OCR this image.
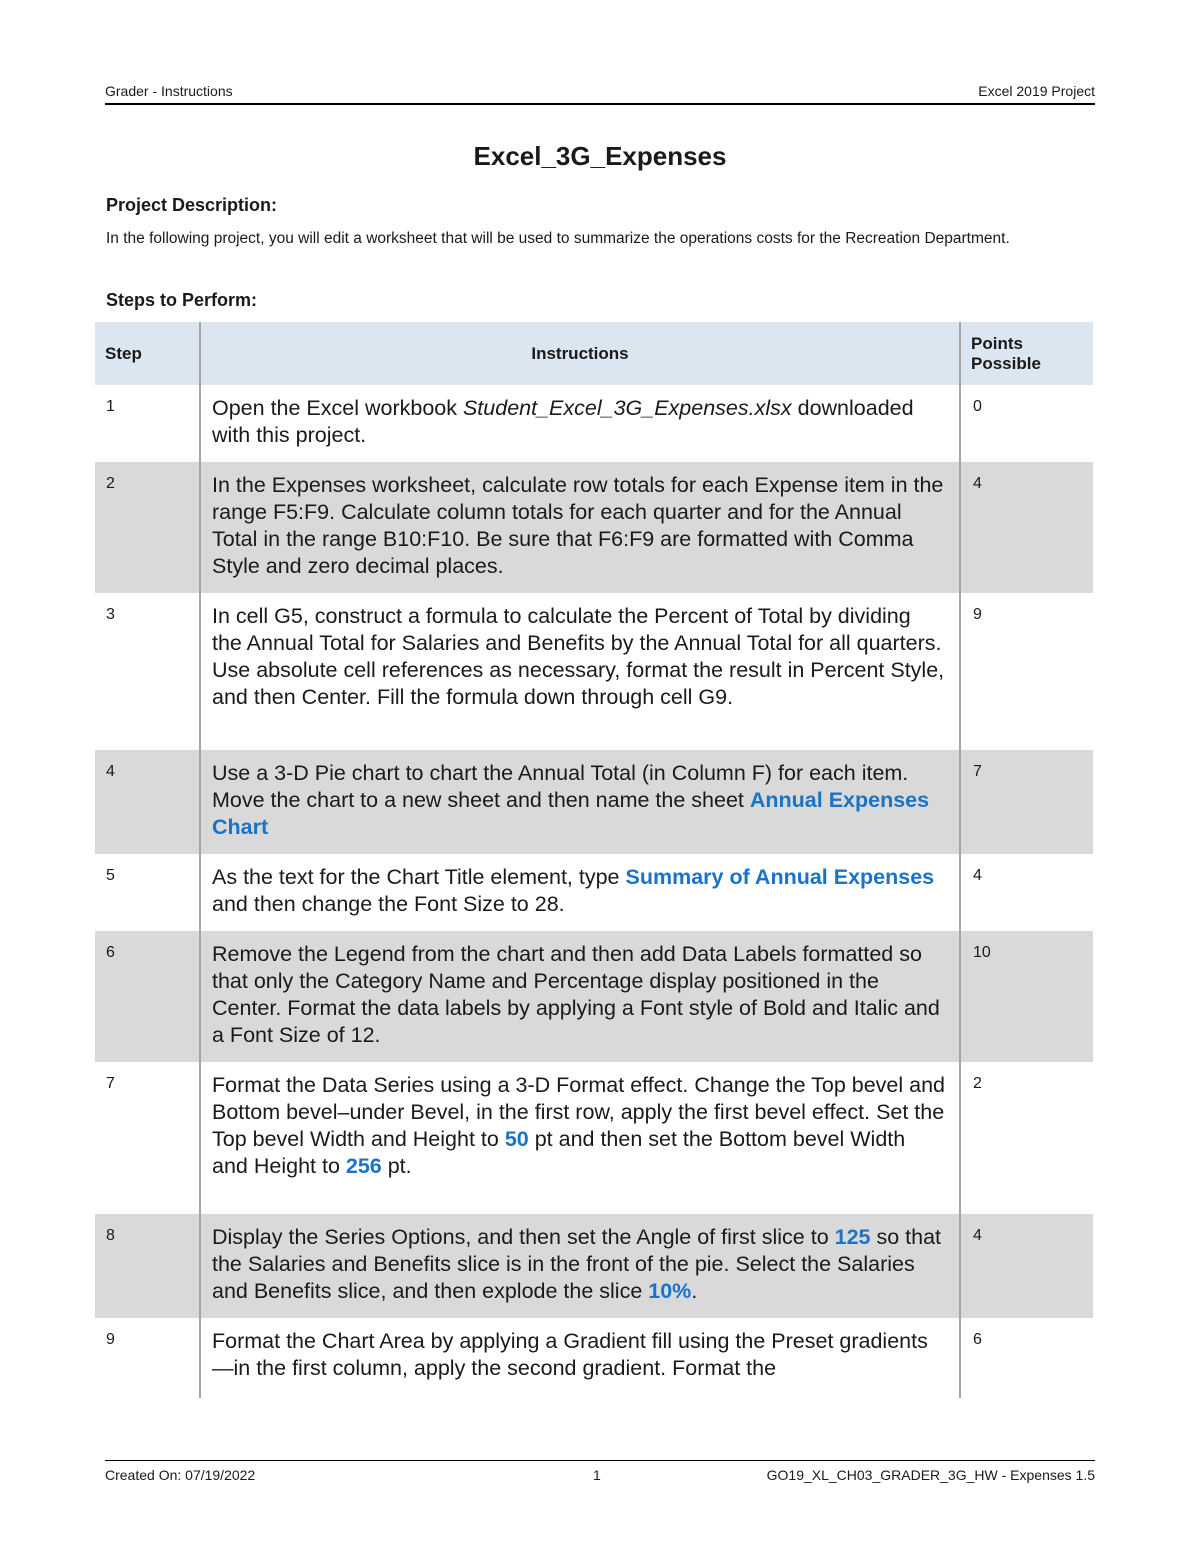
Grader - Instructions	Excel 2019 Project
Excel_3G_Expenses
Project Description:
In the following project, you will edit a worksheet that will be used to summarize the operations costs for the Recreation Department.
Steps to Perform:
Step	Instructions	Points Possible
1	Open the Excel workbook Student_Excel_3G_Expenses.xlsx downloaded with this project.	0
2	In the Expenses worksheet, calculate row totals for each Expense item in the range F5:F9. Calculate column totals for each quarter and for the Annual Total in the range B10:F10. Be sure that F6:F9 are formatted with Comma Style and zero decimal places.	4
3	In cell G5, construct a formula to calculate the Percent of Total by dividing the Annual Total for Salaries and Benefits by the Annual Total for all quarters. Use absolute cell references as necessary, format the result in Percent Style, and then Center. Fill the formula down through cell G9.	9
4	Use a 3-D Pie chart to chart the Annual Total (in Column F) for each item. Move the chart to a new sheet and then name the sheet Annual Expenses Chart	7
5	As the text for the Chart Title element, type Summary of Annual Expenses and then change the Font Size to 28.	4
6	Remove the Legend from the chart and then add Data Labels formatted so that only the Category Name and Percentage display positioned in the Center. Format the data labels by applying a Font style of Bold and Italic and a Font Size of 12.	10
7	Format the Data Series using a 3-D Format effect. Change the Top bevel and Bottom bevel–under Bevel, in the first row, apply the first bevel effect. Set the Top bevel Width and Height to 50 pt and then set the Bottom bevel Width and Height to 256 pt.	2
8	Display the Series Options, and then set the Angle of first slice to 125 so that the Salaries and Benefits slice is in the front of the pie. Select the Salaries and Benefits slice, and then explode the slice 10%.	4
9	Format the Chart Area by applying a Gradient fill using the Preset gradients—in the first column, apply the second gradient. Format the	6
Created On: 07/19/2022	1	GO19_XL_CH03_GRADER_3G_HW - Expenses 1.5
